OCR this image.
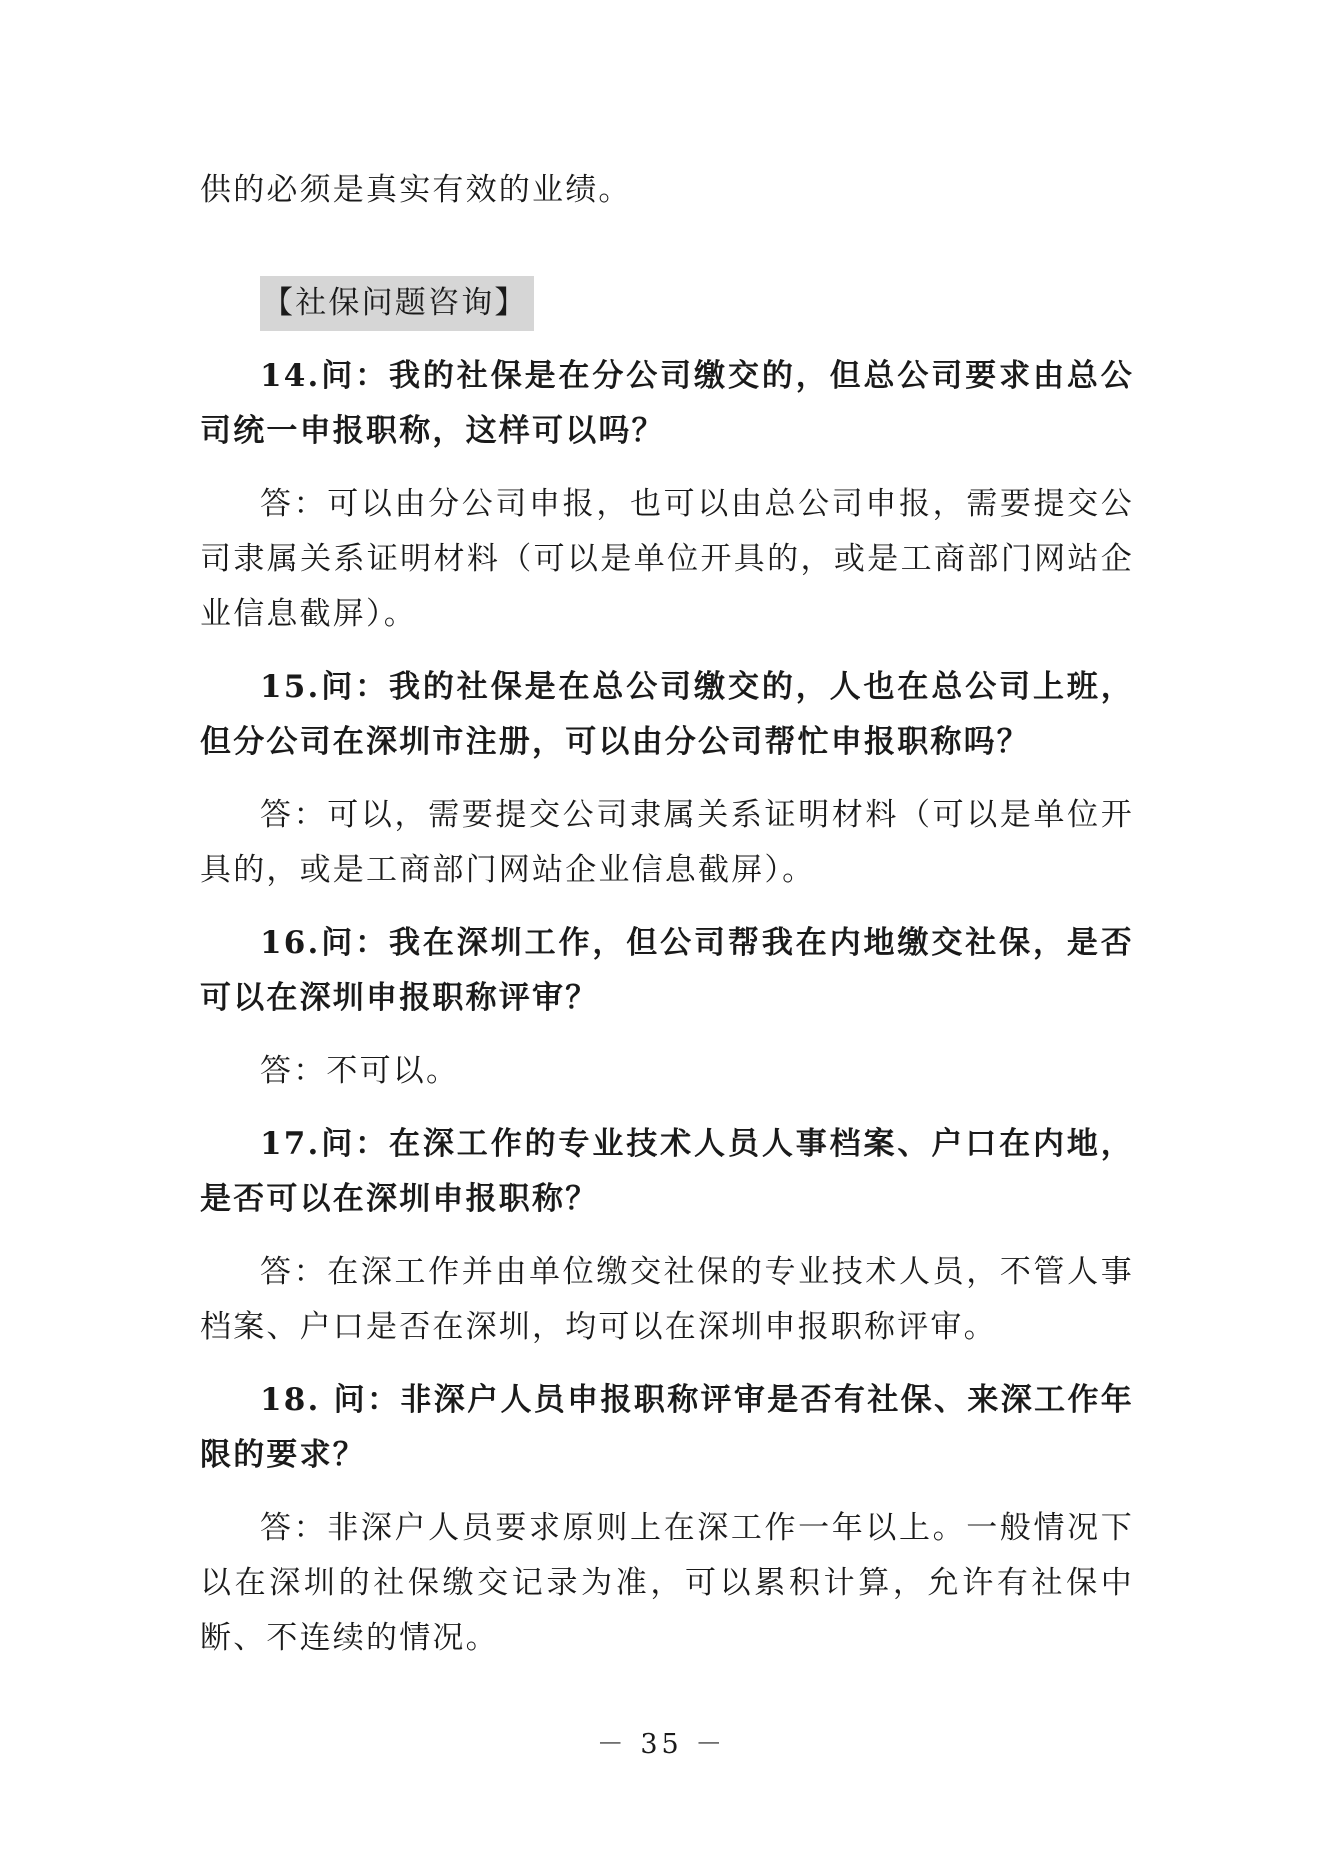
供的必须是真实有效的业绩。

【社保问题咨询】

14.问：我的社保是在分公司缴交的，但总公司要求由总公司统一申报职称，这样可以吗？

答：可以由分公司申报，也可以由总公司申报，需要提交公司隶属关系证明材料（可以是单位开具的，或是工商部门网站企业信息截屏）。

15.问：我的社保是在总公司缴交的，人也在总公司上班，但分公司在深圳市注册，可以由分公司帮忙申报职称吗？

答：可以，需要提交公司隶属关系证明材料（可以是单位开具的，或是工商部门网站企业信息截屏）。

16.问：我在深圳工作，但公司帮我在内地缴交社保，是否可以在深圳申报职称评审？

答：不可以。

17.问：在深工作的专业技术人员人事档案、户口在内地，是否可以在深圳申报职称？

答：在深工作并由单位缴交社保的专业技术人员，不管人事档案、户口是否在深圳，均可以在深圳申报职称评审。

18. 问：非深户人员申报职称评审是否有社保、来深工作年限的要求？

答：非深户人员要求原则上在深工作一年以上。一般情况下以在深圳的社保缴交记录为准，可以累积计算，允许有社保中断、不连续的情况。

－ 35 －
